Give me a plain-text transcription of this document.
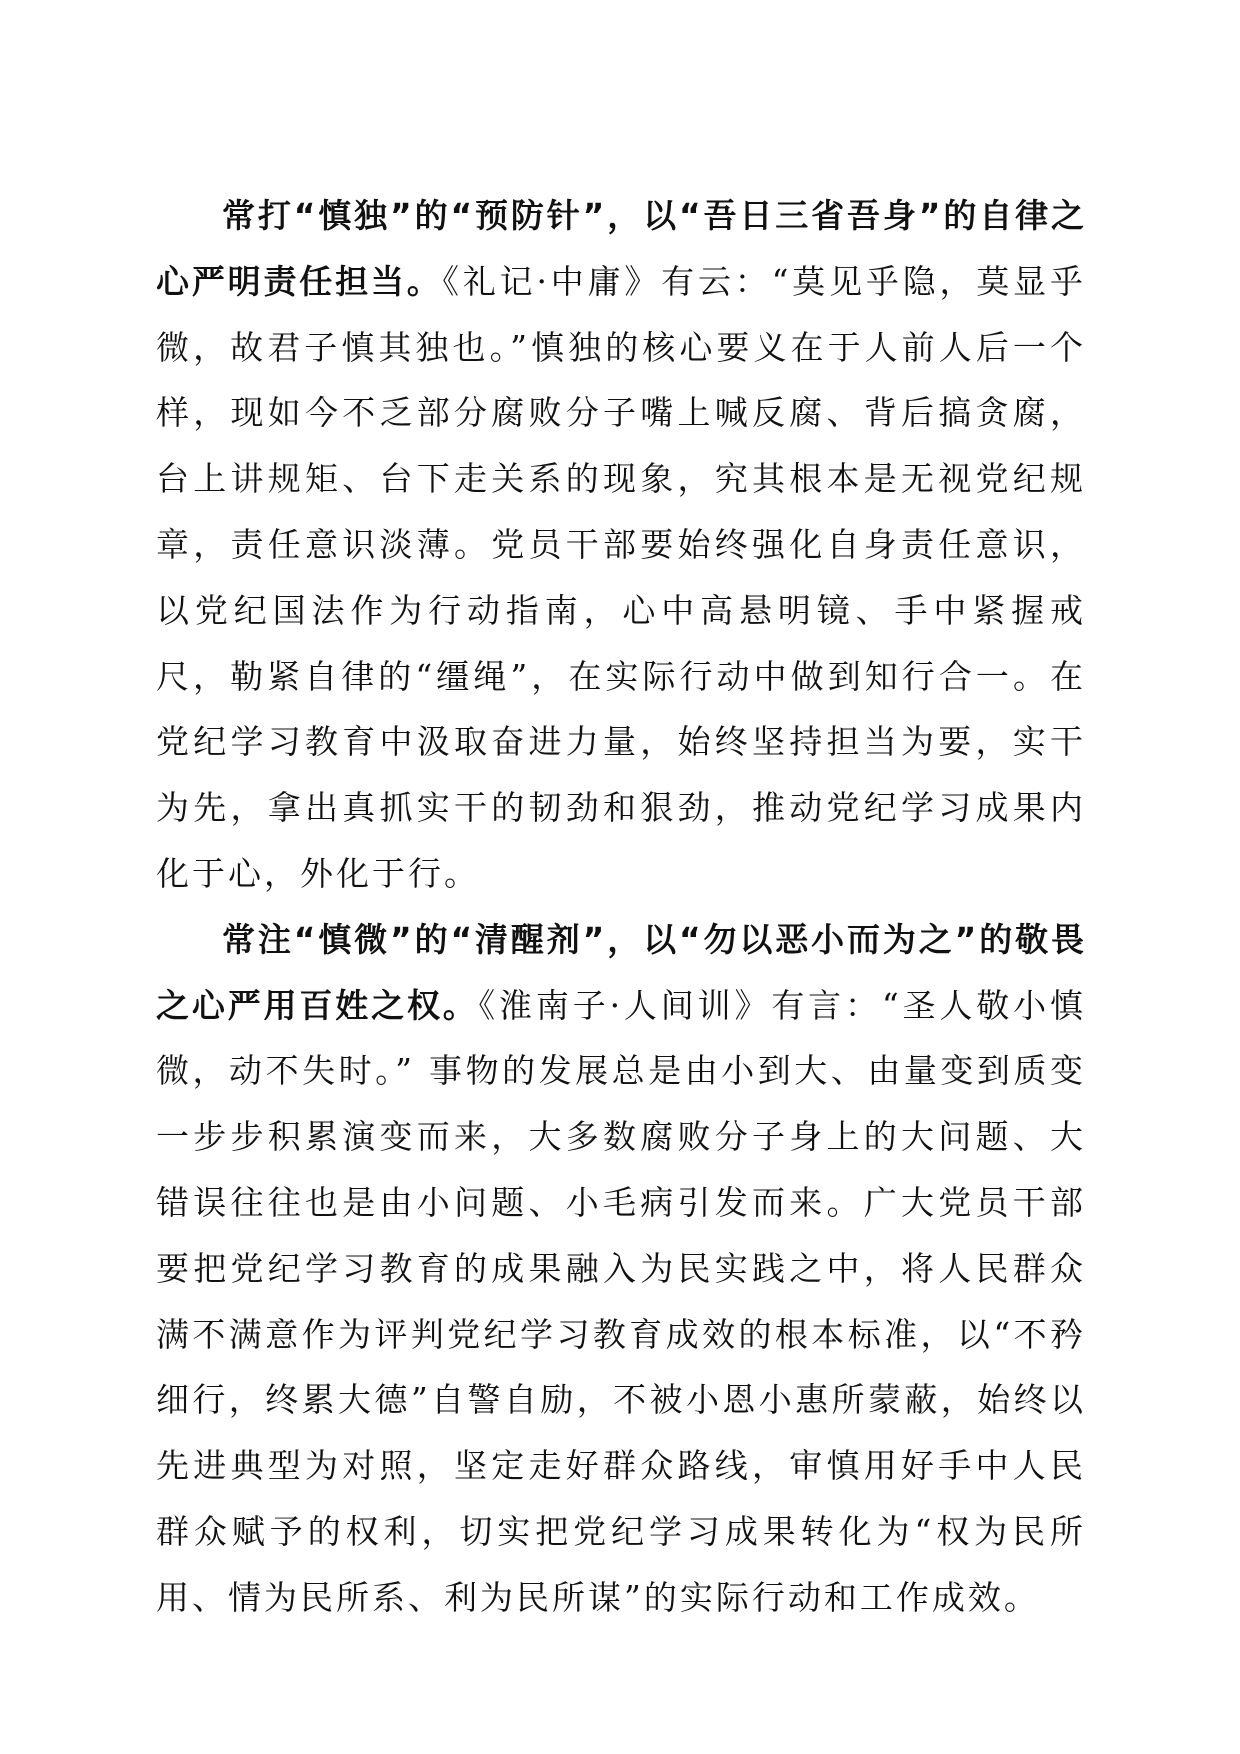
常打“慎独”的“预防针”，以“吾日三省吾身”的自律之心严明责任担当。《礼记·中庸》有云：“莫见乎隐，莫显乎微，故君子慎其独也。”慎独的核心要义在于人前人后一个样，现如今不乏部分腐败分子嘴上喊反腐、背后搞贪腐，台上讲规矩、台下走关系的现象，究其根本是无视党纪规章，责任意识淡薄。党员干部要始终强化自身责任意识，以党纪国法作为行动指南，心中高悬明镜、手中紧握戒尺，勒紧自律的“缰绳”，在实际行动中做到知行合一。在党纪学习教育中汲取奋进力量，始终坚持担当为要，实干为先，拿出真抓实干的韧劲和狠劲，推动党纪学习成果内化于心，外化于行。

常注“慎微”的“清醒剂”，以“勿以恶小而为之”的敬畏之心严用百姓之权。《淮南子·人间训》有言：“圣人敬小慎微，动不失时。” 事物的发展总是由小到大、由量变到质变一步步积累演变而来，大多数腐败分子身上的大问题、大错误往往也是由小问题、小毛病引发而来。广大党员干部要把党纪学习教育的成果融入为民实践之中，将人民群众满不满意作为评判党纪学习教育成效的根本标准，以“不矜细行，终累大德”自警自励，不被小恩小惠所蒙蔽，始终以先进典型为对照，坚定走好群众路线，审慎用好手中人民群众赋予的权利，切实把党纪学习成果转化为“权为民所用、情为民所系、利为民所谋”的实际行动和工作成效。
